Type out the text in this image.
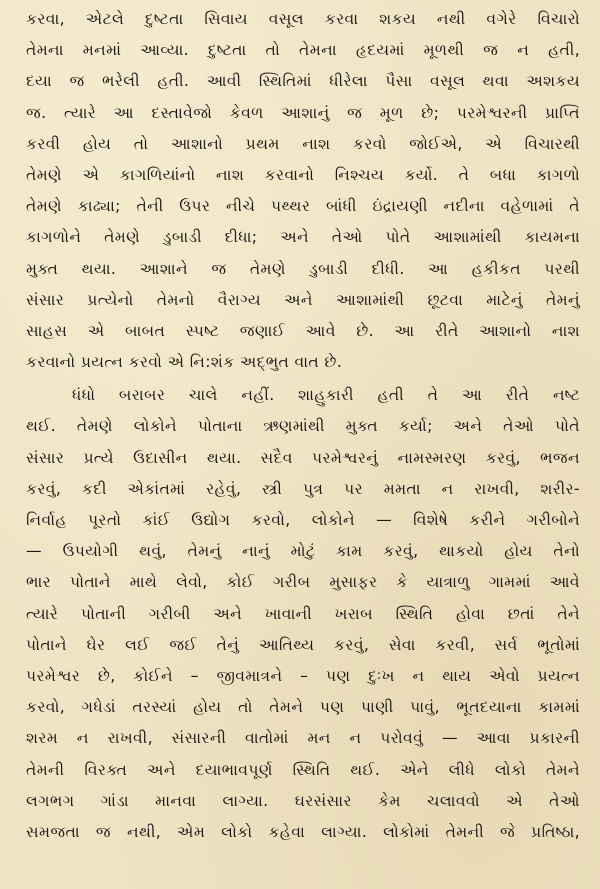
કરવા, એટલે દુષ્ટતા સિવાય વસૂલ કરવા શકય નથી વગેરે વિચારો
તેમના મનમાં આવ્યા. દુષ્ટતા તો તેમના હૃદયમાં મૂળથી જ ન હતી,
દયા જ ભરેલી હતી. આવી સ્થિતિમાં ધીરેલા પૈસા વસૂલ થવા અશકય
જ. ત્યારે આ દસ્તાવેજો કેવળ આશાનું જ મૂળ છે; પરમેશ્વરની પ્રાપ્તિ
કરવી હોય તો આશાનો પ્રથમ નાશ કરવો જોઈએ, એ વિચારથી
તેમણે એ કાગળિયાંનો નાશ કરવાનો નિશ્ચય કર્યો. તે બધા કાગળો
તેમણે કાઢ્યા; તેની ઉપર નીચે પથ્થર બાંધી ઇંદ્રાયણી નદીના વહેળામાં તે
કાગળોને તેમણે ડુબાડી દીધા; અને તેઓ પોતે આશામાંથી કાયમના
મુક્ત થયા. આશાને જ તેમણે ડુબાડી દીધી. આ હકીકત પરથી
સંસાર પ્રત્યેનો તેમનો વૈરાગ્ય અને આશામાંથી છૂટવા માટેનું તેમનું
સાહસ એ બાબત સ્પષ્ટ જણાઈ આવે છે. આ રીતે આશાનો નાશ
કરવાનો પ્રયત્ન કરવો એ નિ:શંક અદ્ભુત વાત છે.
ધંધો બરાબર ચાલે નહીં. શાહુકારી હતી તે આ રીતે નષ્ટ
થઈ. તેમણે લોકોને પોતાના ઋણમાંથી મુક્ત કર્યા; અને તેઓ પોતે
સંસાર પ્રત્યે ઉદાસીન થયા. સદૈવ પરમેશ્વરનું નામસ્મરણ કરવું, ભજન
કરવું, કદી એકાંતમાં રહેવું, સ્ત્રી પુત્ર પર મમતા ન રાખવી, શરીર-
નિર્વાહ પૂરતો કાંઈ ઉદ્યોગ કરવો, લોકોને — વિશેષે કરીને ગરીબોને
— ઉપયોગી થવું, તેમનું નાનું મોટું કામ કરવું, થાકયો હોય તેનો
ભાર પોતાને માથે લેવો, કોઈ ગરીબ મુસાફર કે યાત્રાળુ ગામમાં આવે
ત્યારે પોતાની ગરીબી અને ખાવાની ખરાબ સ્થિતિ હોવા છતાં તેને
પોતાને ઘેર લઈ જઈ તેનું આતિથ્ય કરવું, સેવા કરવી, સર્વ ભૂતોમાં
પરમેશ્વર છે, કોઈને – જીવમાત્રને – પણ દુઃખ ન થાય એવો પ્રયત્ન
કરવો, ગધેડાં તરસ્યાં હોય તો તેમને પણ પાણી પાવું, ભૂતદયાના કામમાં
શરમ ન રાખવી, સંસારની વાતોમાં મન ન પરોવવું — આવા પ્રકારની
તેમની વિરક્ત અને દયાભાવપૂર્ણ સ્થિતિ થઈ. એને લીધે લોકો તેમને
લગભગ ગાંડા માનવા લાગ્યા. ઘરસંસાર કેમ ચલાવવો એ તેઓ
સમજતા જ નથી, એમ લોકો કહેવા લાગ્યા. લોકોમાં તેમની જે પ્રતિષ્ઠા,
